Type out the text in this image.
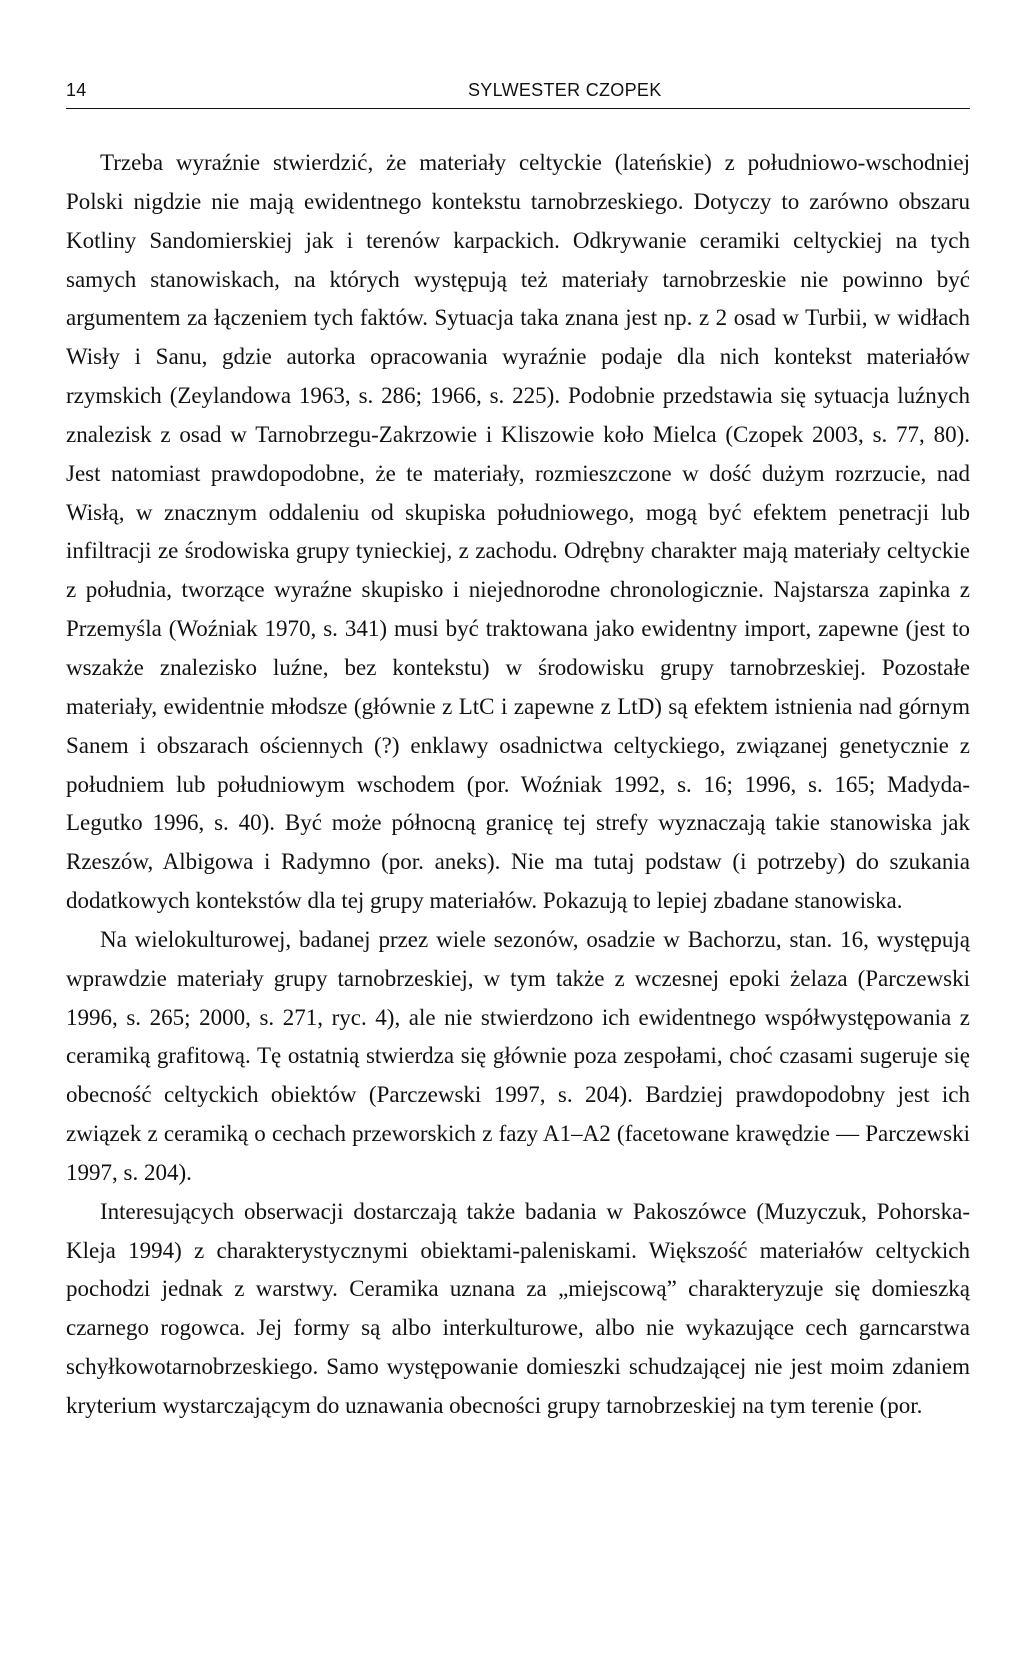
14	SYLWESTER CZOPEK

Trzeba wyraźnie stwierdzić, że materiały celtyckie (lateńskie) z południowo-wschodniej Polski nigdzie nie mają ewidentnego kontekstu tarnobrzeskiego. Dotyczy to zarówno obszaru Kotliny Sandomierskiej jak i terenów karpackich. Odkrywanie ceramiki celtyckiej na tych samych stanowiskach, na których występują też materiały tarnobrzeskie nie powinno być argumentem za łączeniem tych faktów. Sytuacja taka znana jest np. z 2 osad w Turbii, w widłach Wisły i Sanu, gdzie autorka opracowania wyraźnie podaje dla nich kontekst materiałów rzymskich (Zeylandowa 1963, s. 286; 1966, s. 225). Podobnie przedstawia się sytuacja luźnych znalezisk z osad w Tarnobrzegu-Zakrzowie i Kliszowie koło Mielca (Czopek 2003, s. 77, 80). Jest natomiast prawdopodobne, że te materiały, rozmieszczone w dość dużym rozrzucie, nad Wisłą, w znacznym oddaleniu od skupiska południowego, mogą być efektem penetracji lub infiltracji ze środowiska grupy tynieckiej, z zachodu. Odrębny charakter mają materiały celtyckie z południa, tworzące wyraźne skupisko i niejednorodne chronologicznie. Najstarsza zapinka z Przemyśla (Woźniak 1970, s. 341) musi być traktowana jako ewidentny import, zapewne (jest to wszakże znalezisko luźne, bez kontekstu) w środowisku grupy tarnobrzeskiej. Pozostałe materiały, ewidentnie młodsze (głównie z LtC i zapewne z LtD) są efektem istnienia nad górnym Sanem i obszarach ościennych (?) enklawy osadnictwa celtyckiego, związanej genetycznie z południem lub południowym wschodem (por. Woźniak 1992, s. 16; 1996, s. 165; Madyda-Legutko 1996, s. 40). Być może północną granicę tej strefy wyznaczają takie stanowiska jak Rzeszów, Albigowa i Radymno (por. aneks). Nie ma tutaj podstaw (i potrzeby) do szukania dodatkowych kontekstów dla tej grupy materiałów. Pokazują to lepiej zbadane stanowiska.

Na wielokulturowej, badanej przez wiele sezonów, osadzie w Bachorzu, stan. 16, występują wprawdzie materiały grupy tarnobrzeskiej, w tym także z wczesnej epoki żelaza (Parczewski 1996, s. 265; 2000, s. 271, ryc. 4), ale nie stwierdzono ich ewidentnego współwystępowania z ceramiką grafitową. Tę ostatnią stwierdza się głównie poza zespołami, choć czasami sugeruje się obecność celtyckich obiektów (Parczewski 1997, s. 204). Bardziej prawdopodobny jest ich związek z ceramiką o cechach przeworskich z fazy A1–A2 (facetowane krawędzie — Parczewski 1997, s. 204).

Interesujących obserwacji dostarczają także badania w Pakoszówce (Muzyczuk, Pohorska-Kleja 1994) z charakterystycznymi obiektami-paleniskami. Większość materiałów celtyckich pochodzi jednak z warstwy. Ceramika uznana za „miejscową” charakteryzuje się domieszką czarnego rogowca. Jej formy są albo interkulturowe, albo nie wykazujące cech garncarstwa schyłkowotarnobrzeskiego. Samo występowanie domieszki schudzającej nie jest moim zdaniem kryterium wystarczającym do uznawania obecności grupy tarnobrzeskiej na tym terenie (por.
